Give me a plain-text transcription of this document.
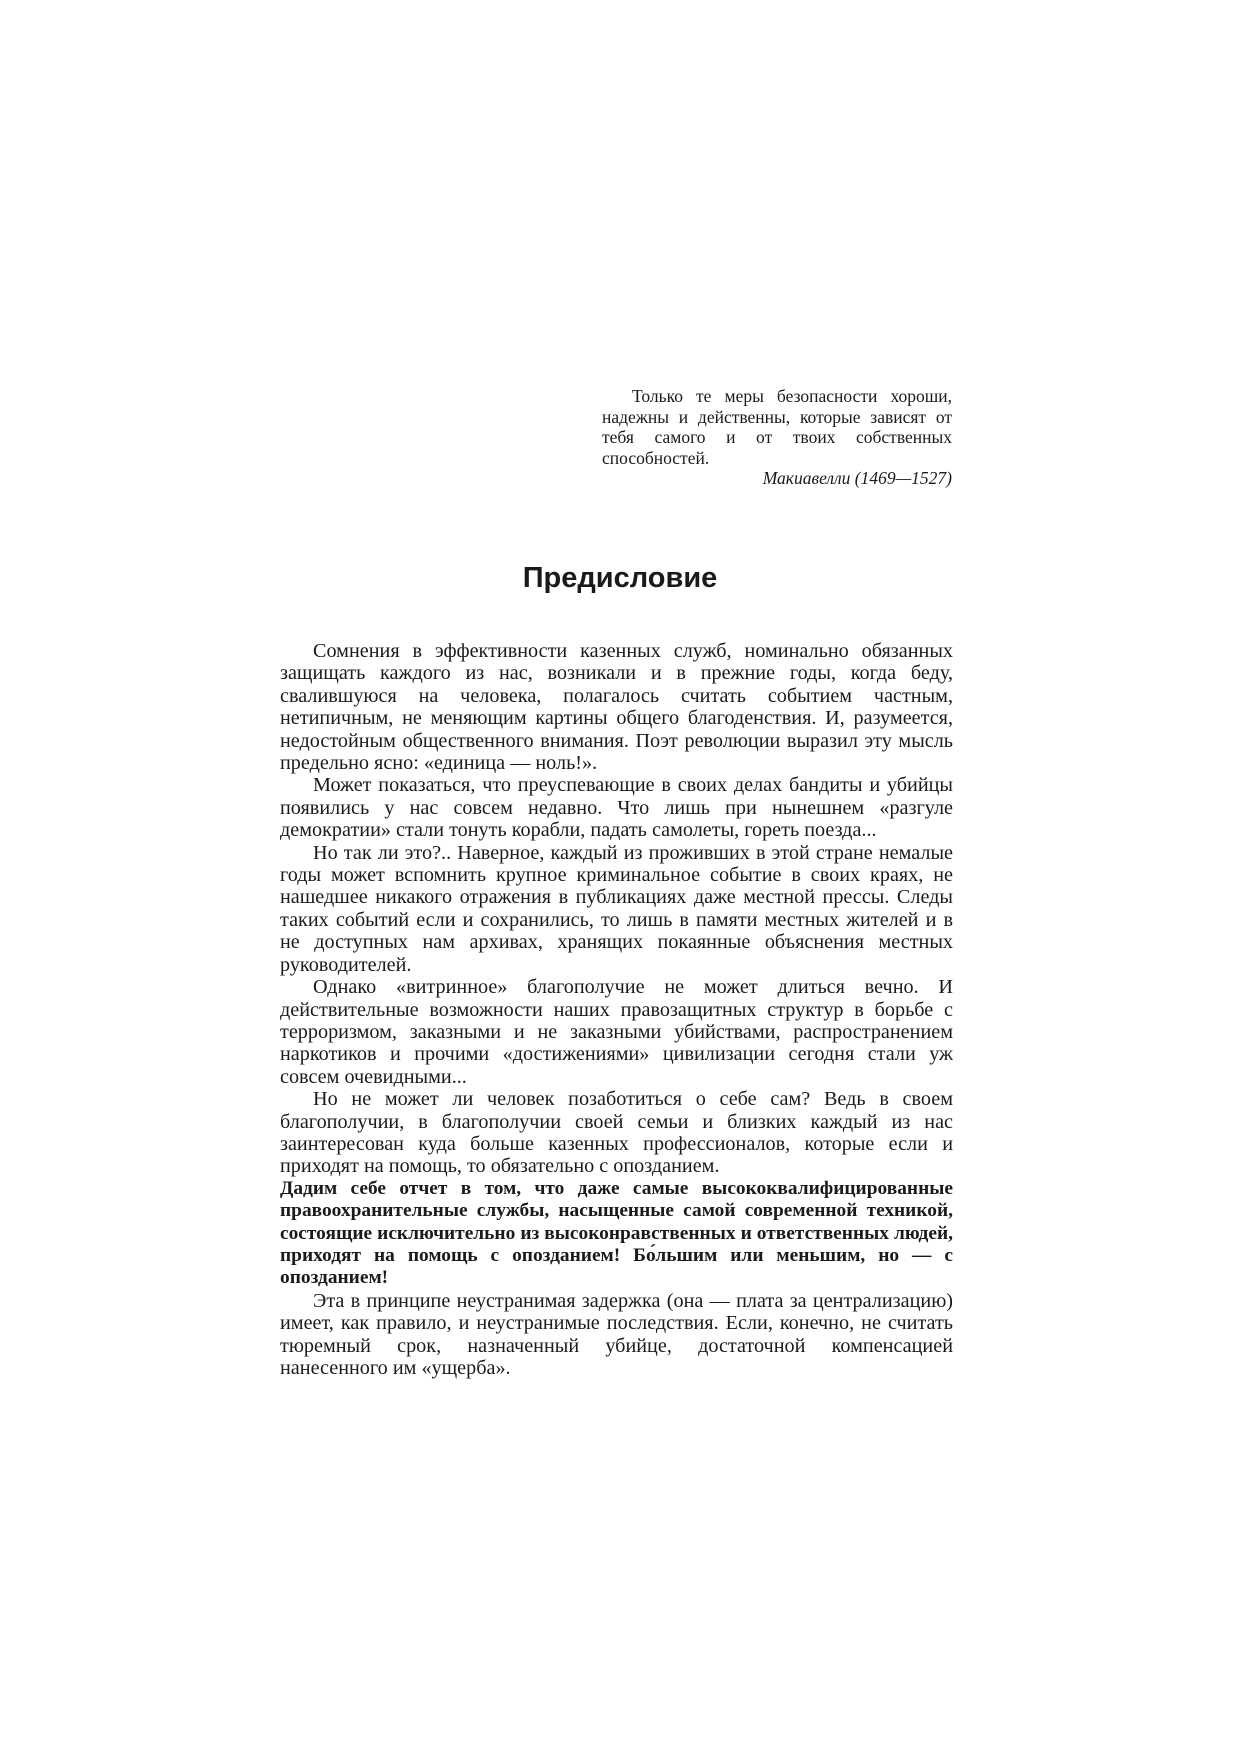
Только те меры безопасности хороши, надежны и действенны, которые зависят от тебя самого и от твоих собственных способностей.

Макиавелли (1469—1527)

Предисловие

Сомнения в эффективности казенных служб, номинально обязанных защищать каждого из нас, возникали и в прежние годы, когда беду, свалившуюся на человека, полагалось считать событием частным, нетипичным, не меняющим картины общего благоденствия. И, разумеется, недостойным общественного внимания. Поэт революции выразил эту мысль предельно ясно: «единица — ноль!».

Может показаться, что преуспевающие в своих делах бандиты и убийцы появились у нас совсем недавно. Что лишь при нынешнем «разгуле демократии» стали тонуть корабли, падать самолеты, гореть поезда...

Но так ли это?.. Наверное, каждый из проживших в этой стране немалые годы может вспомнить крупное криминальное событие в своих краях, не нашедшее никакого отражения в публикациях даже местной прессы. Следы таких событий если и сохранились, то лишь в памяти местных жителей и в не доступных нам архивах, хранящих покаянные объяснения местных руководителей.

Однако «витринное» благополучие не может длиться вечно. И действительные возможности наших правозащитных структур в борьбе с терроризмом, заказными и не заказными убийствами, распространением наркотиков и прочими «достижениями» цивилизации сегодня стали уж совсем очевидными...

Но не может ли человек позаботиться о себе сам? Ведь в своем благополучии, в благополучии своей семьи и близких каждый из нас заинтересован куда больше казенных профессионалов, которые если и приходят на помощь, то обязательно с опозданием.

Дадим себе отчет в том, что даже самые высококвалифицированные правоохранительные службы, насыщенные самой современной техникой, состоящие исключительно из высоконравственных и ответственных людей, приходят на помощь с опозданием! Бо́льшим или меньшим, но — с опозданием!

Эта в принципе неустранимая задержка (она — плата за централизацию) имеет, как правило, и неустранимые последствия. Если, конечно, не считать тюремный срок, назначенный убийце, достаточной компенсацией нанесенного им «ущерба».
